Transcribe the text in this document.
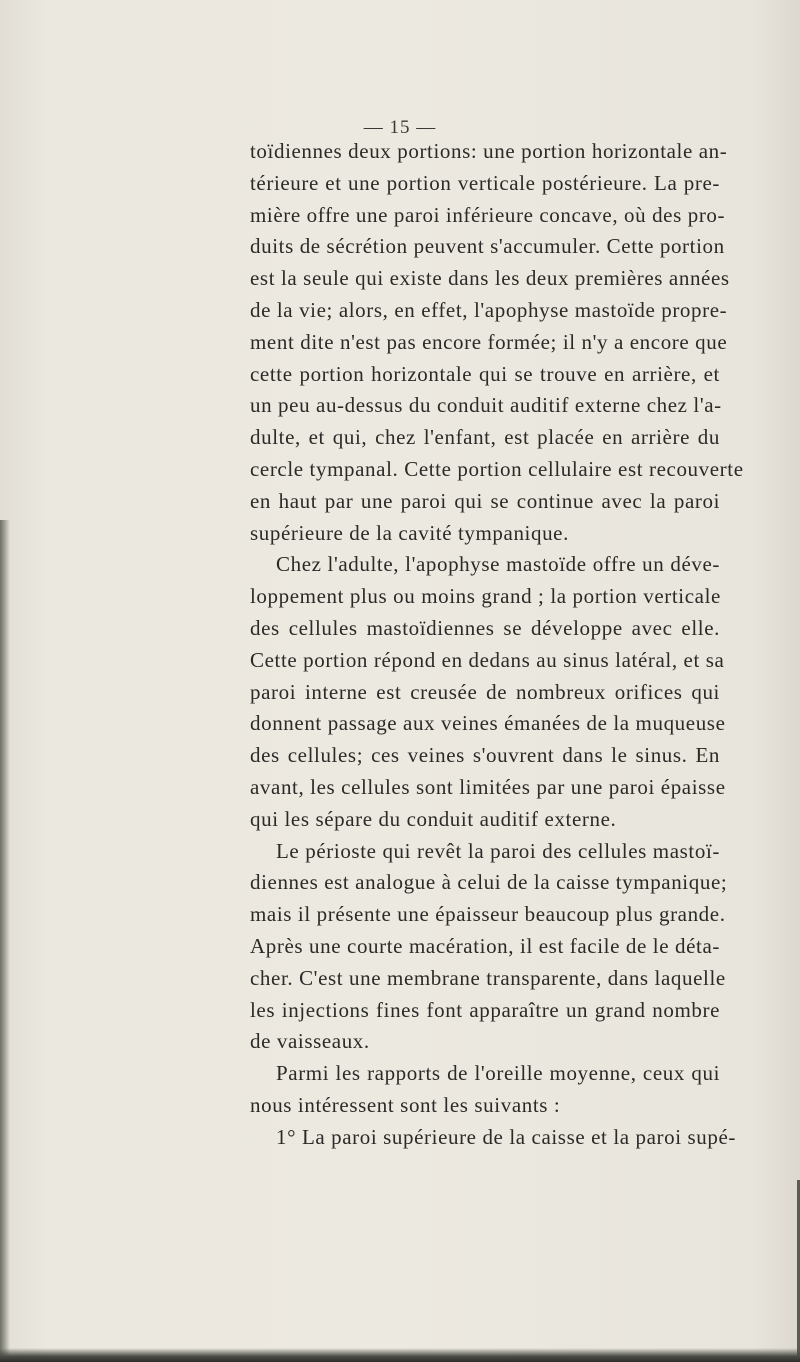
— 15 —
toïdiennes deux portions: une portion horizontale an-
térieure et une portion verticale postérieure. La pre-
mière offre une paroi inférieure concave, où des pro-
duits de sécrétion peuvent s'accumuler. Cette portion
est la seule qui existe dans les deux premières années
de la vie; alors, en effet, l'apophyse mastoïde propre-
ment dite n'est pas encore formée; il n'y a encore que
cette portion horizontale qui se trouve en arrière, et
un peu au-dessus du conduit auditif externe chez l'a-
dulte, et qui, chez l'enfant, est placée en arrière du
cercle tympanal. Cette portion cellulaire est recouverte
en haut par une paroi qui se continue avec la paroi
supérieure de la cavité tympanique.
Chez l'adulte, l'apophyse mastoïde offre un déve-
loppement plus ou moins grand ; la portion verticale
des cellules mastoïdiennes se développe avec elle.
Cette portion répond en dedans au sinus latéral, et sa
paroi interne est creusée de nombreux orifices qui
donnent passage aux veines émanées de la muqueuse
des cellules; ces veines s'ouvrent dans le sinus. En
avant, les cellules sont limitées par une paroi épaisse
qui les sépare du conduit auditif externe.
Le périoste qui revêt la paroi des cellules mastoï-
diennes est analogue à celui de la caisse tympanique;
mais il présente une épaisseur beaucoup plus grande.
Après une courte macération, il est facile de le déta-
cher. C'est une membrane transparente, dans laquelle
les injections fines font apparaître un grand nombre
de vaisseaux.
Parmi les rapports de l'oreille moyenne, ceux qui
nous intéressent sont les suivants :
1° La paroi supérieure de la caisse et la paroi supé-
